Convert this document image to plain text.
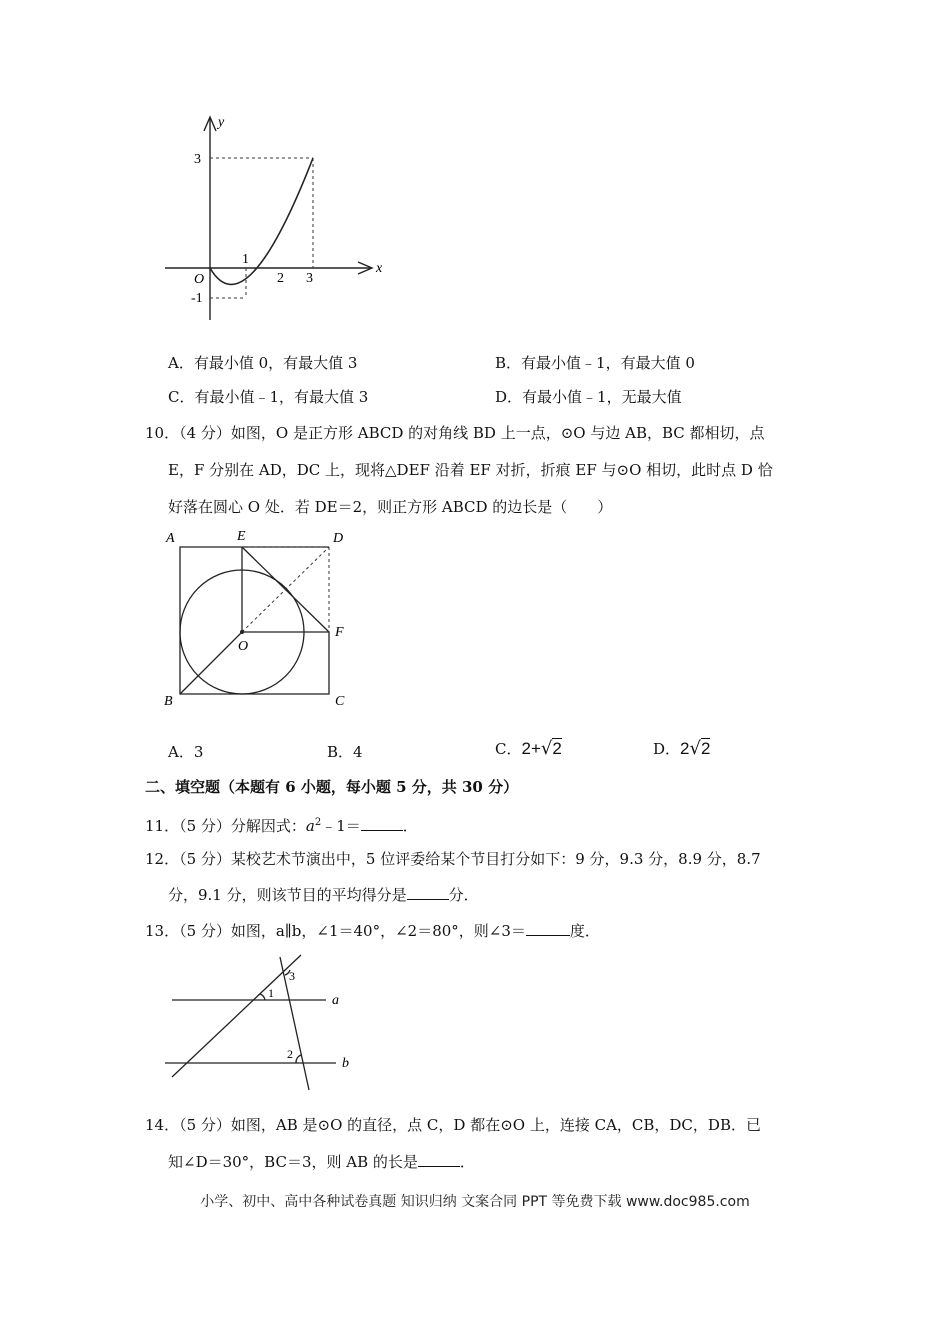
y
x
O
1
2 3
3
-1
A．有最小值 0，有最大值 3	B．有最小值﹣1，有最大值 0
C．有最小值﹣1，有最大值 3	D．有最小值﹣1，无最大值
10．（4 分）如图，O 是正方形 ABCD 的对角线 BD 上一点，⊙O 与边 AB，BC 都相切，点
E，F 分别在 AD，DC 上，现将△DEF 沿着 EF 对折，折痕 EF 与⊙O 相切，此时点 D 恰
好落在圆心 O 处．若 DE＝2，则正方形 ABCD 的边长是（　　）
A	E	D
F
O
B	C
A．3	B．4	C．2+√2	D．2√2
二、填空题（本题有 6 小题，每小题 5 分，共 30 分）
11．（5 分）分解因式：$a^2﹣1=$	．
12．（5 分）某校艺术节演出中，5 位评委给某个节目打分如下：9 分，9.3 分，8.9 分，8.7
分，9.1 分，则该节目的平均得分是	分．
13．（5 分）如图，a∥b，∠1＝40°，∠2＝80°，则∠3＝	度．
a
b
1
2
3
14．（5 分）如图，AB 是⊙O 的直径，点 C，D 都在⊙O 上，连接 CA，CB，DC，DB．已
知∠D＝30°，BC＝3，则 AB 的长是	．
小学、初中、高中各种试卷真题 知识归纳 文案合同 PPT 等免费下载 www.doc985.com
